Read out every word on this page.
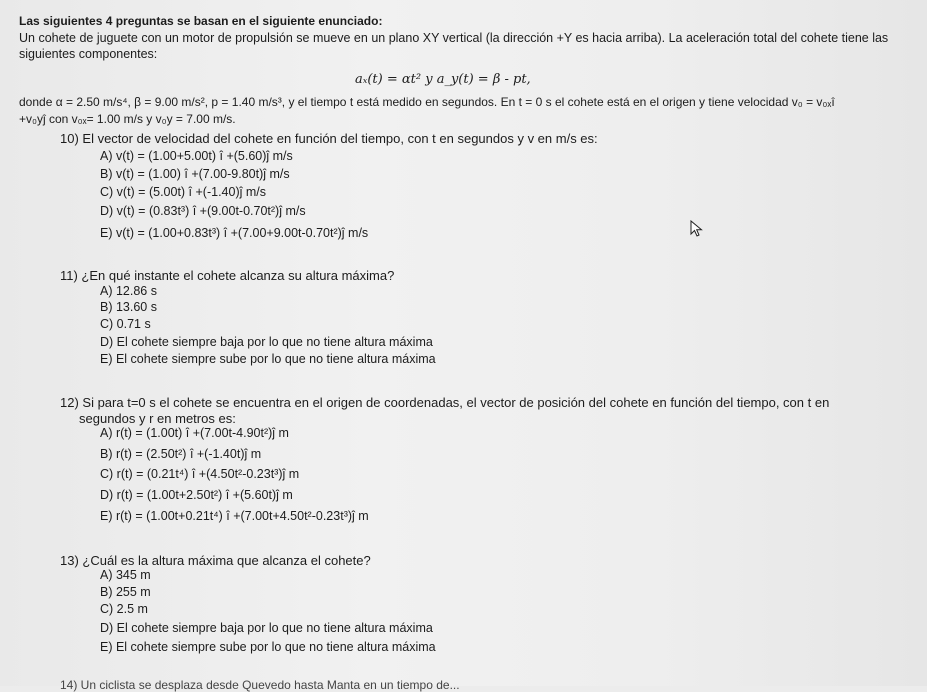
Las siguientes 4 preguntas se basan en el siguiente enunciado:
Un cohete de juguete con un motor de propulsión se mueve en un plano XY vertical (la dirección +Y es hacia arriba). La aceleración total del cohete tiene las
siguientes componentes:
aₓ(t) = αt² y a_y(t) = β - pt,
donde α = 2.50 m/s⁴, β = 9.00 m/s², p = 1.40 m/s³, y el tiempo t está medido en segundos. En t = 0 s el cohete está en el origen y tiene velocidad v₀ = v₀ₓî
+v₀yĵ con v₀ₓ= 1.00 m/s y v₀y = 7.00 m/s.
10) El vector de velocidad del cohete en función del tiempo, con t en segundos y v en m/s es:
A) v(t) = (1.00+5.00t) î +(5.60)ĵ m/s
B) v(t) = (1.00) î +(7.00-9.80t)ĵ m/s
C) v(t) = (5.00t) î +(-1.40)ĵ m/s
D) v(t) = (0.83t³) î +(9.00t-0.70t²)ĵ m/s
E) v(t) = (1.00+0.83t³) î +(7.00+9.00t-0.70t²)ĵ m/s
11) ¿En qué instante el cohete alcanza su altura máxima?
A) 12.86 s
B) 13.60 s
C) 0.71 s
D) El cohete siempre baja por lo que no tiene altura máxima
E) El cohete siempre sube por lo que no tiene altura máxima
12) Si para t=0 s el cohete se encuentra en el origen de coordenadas, el vector de posición del cohete en función del tiempo, con t en
segundos y r en metros es:
A) r(t) = (1.00t) î +(7.00t-4.90t²)ĵ m
B) r(t) = (2.50t²) î +(-1.40t)ĵ m
C) r(t) = (0.21t⁴) î +(4.50t²-0.23t³)ĵ m
D) r(t) = (1.00t+2.50t²) î +(5.60t)ĵ m
E) r(t) = (1.00t+0.21t⁴) î +(7.00t+4.50t²-0.23t³)ĵ m
13) ¿Cuál es la altura máxima que alcanza el cohete?
A) 345 m
B) 255 m
C) 2.5 m
D) El cohete siempre baja por lo que no tiene altura máxima
E) El cohete siempre sube por lo que no tiene altura máxima
14) Un ciclista se desplaza desde Quevedo hasta Manta en un tiempo de...
